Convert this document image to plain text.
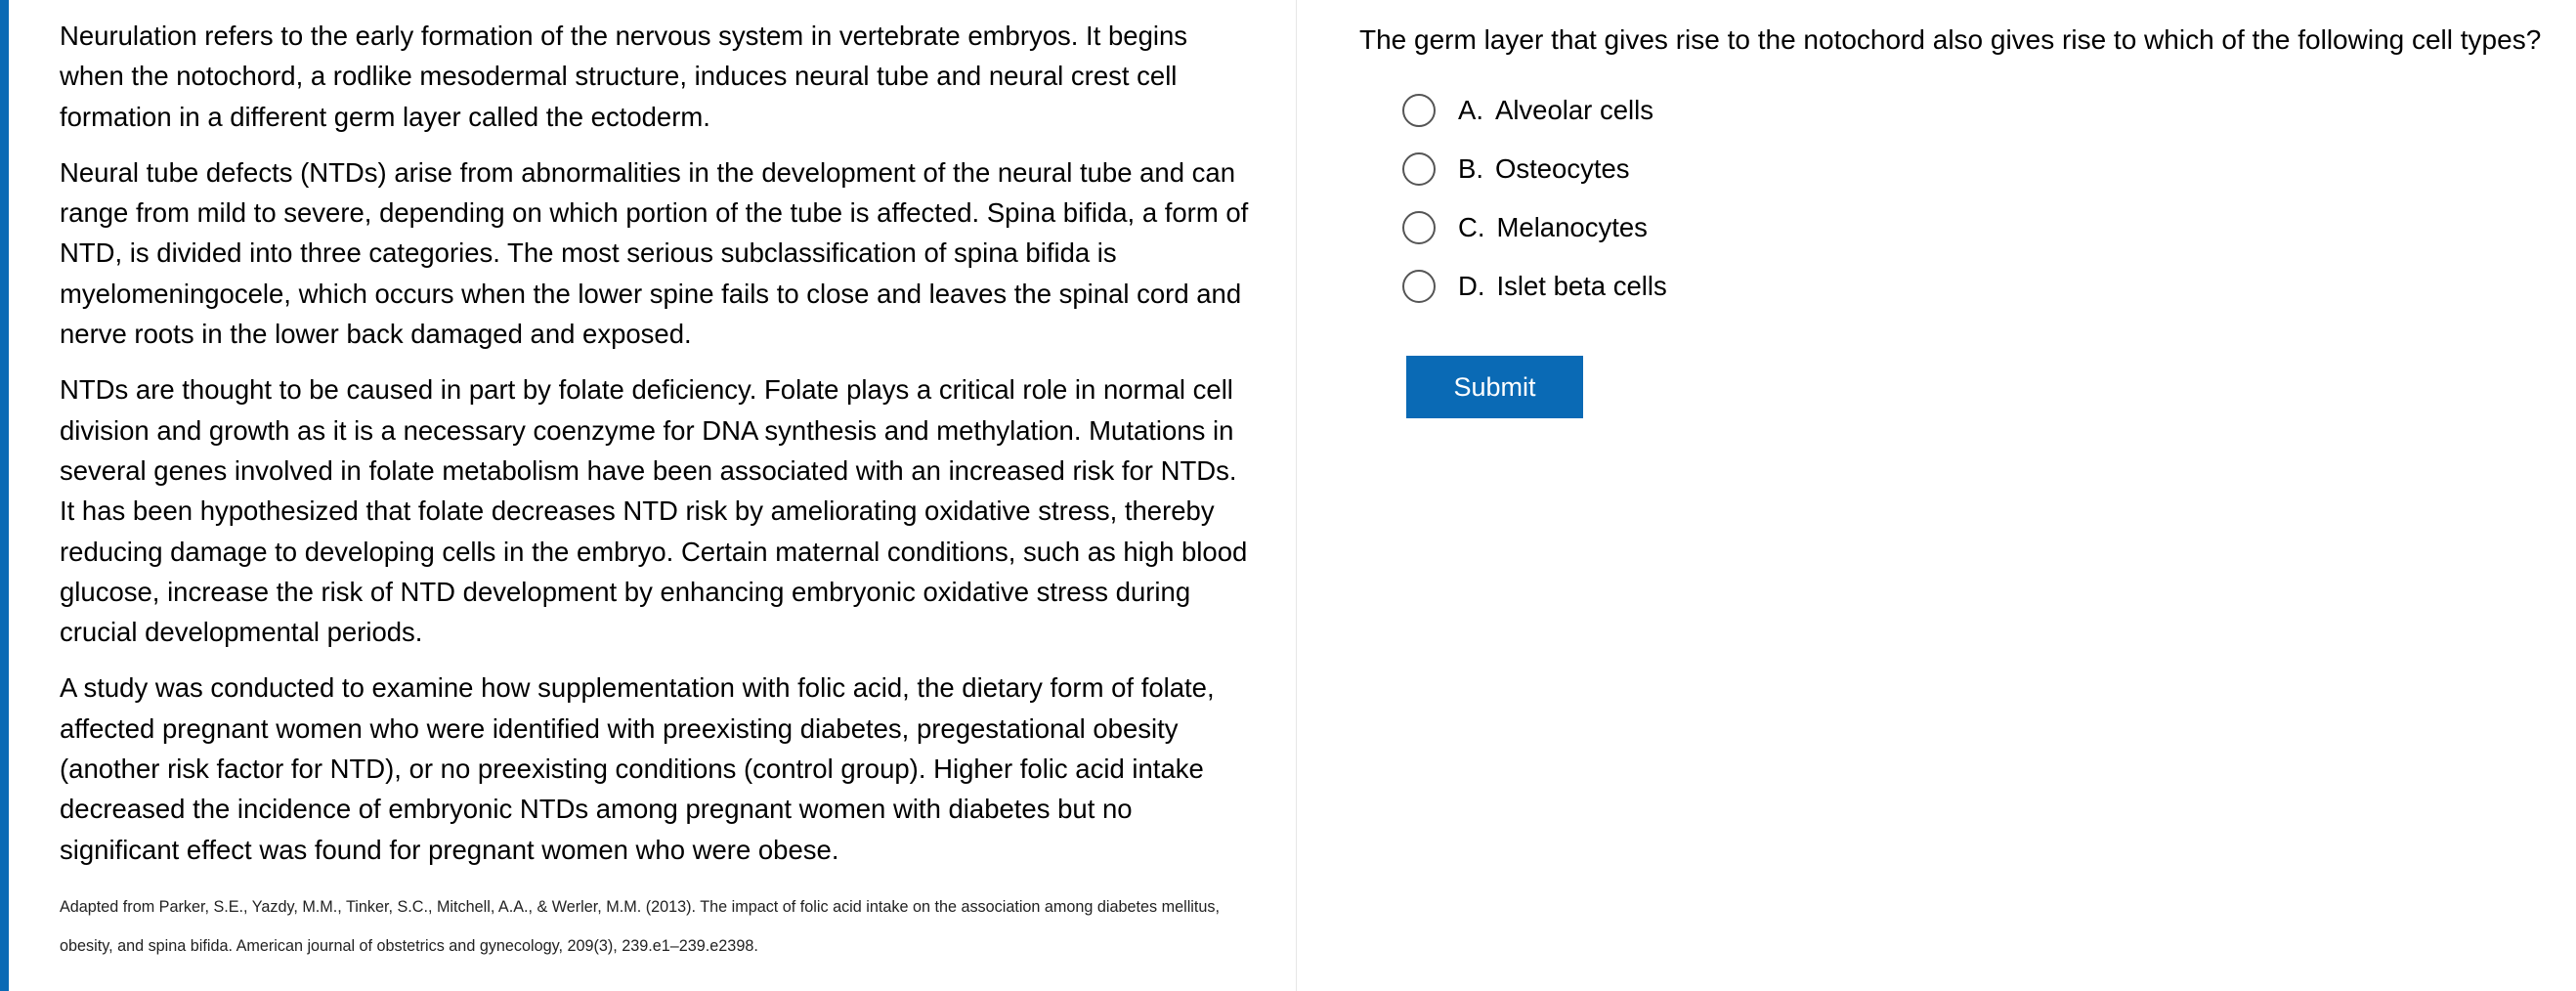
Neurulation refers to the early formation of the nervous system in vertebrate embryos. It begins when the notochord, a rodlike mesodermal structure, induces neural tube and neural crest cell formation in a different germ layer called the ectoderm.

Neural tube defects (NTDs) arise from abnormalities in the development of the neural tube and can range from mild to severe, depending on which portion of the tube is affected. Spina bifida, a form of NTD, is divided into three categories. The most serious subclassification of spina bifida is myelomeningocele, which occurs when the lower spine fails to close and leaves the spinal cord and nerve roots in the lower back damaged and exposed.

NTDs are thought to be caused in part by folate deficiency. Folate plays a critical role in normal cell division and growth as it is a necessary coenzyme for DNA synthesis and methylation. Mutations in several genes involved in folate metabolism have been associated with an increased risk for NTDs. It has been hypothesized that folate decreases NTD risk by ameliorating oxidative stress, thereby reducing damage to developing cells in the embryo. Certain maternal conditions, such as high blood glucose, increase the risk of NTD development by enhancing embryonic oxidative stress during crucial developmental periods.

A study was conducted to examine how supplementation with folic acid, the dietary form of folate, affected pregnant women who were identified with preexisting diabetes, pregestational obesity (another risk factor for NTD), or no preexisting conditions (control group). Higher folic acid intake decreased the incidence of embryonic NTDs among pregnant women with diabetes but no significant effect was found for pregnant women who were obese.

Adapted from Parker, S.E., Yazdy, M.M., Tinker, S.C., Mitchell, A.A., & Werler, M.M. (2013). The impact of folic acid intake on the association among diabetes mellitus, obesity, and spina bifida. American journal of obstetrics and gynecology, 209(3), 239.e1–239.e2398.

The germ layer that gives rise to the notochord also gives rise to which of the following cell types?
A. Alveolar cells
B. Osteocytes
C. Melanocytes
D. Islet beta cells
Submit
